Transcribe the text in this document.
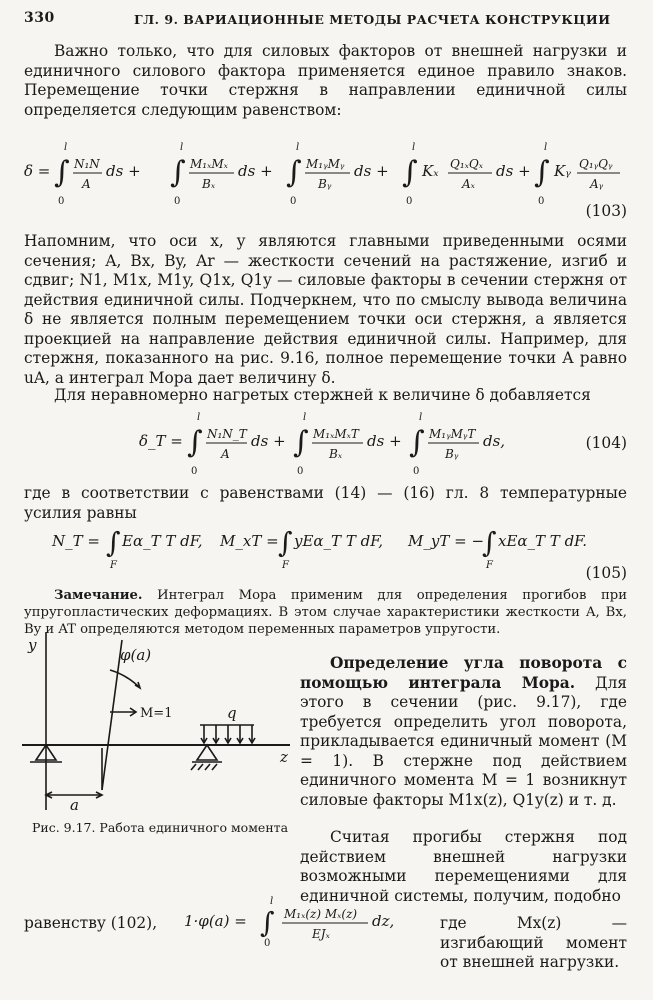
330	ГЛ. 9. ВАРИАЦИОННЫЕ МЕТОДЫ РАСЧЕТА КОНСТРУКЦИИ

Важно только, что для силовых факторов от внешней нагрузки и единичного силового фактора применяется единое правило знаков. Перемещение точки стержня в направлении единичной силы определяется следующим равенством:

δ = ∫
l
0
N₁N
A
ds + ∫
l
0
M₁ₓMₓ
Bₓ
ds + ∫
l
0
M₁ᵧMᵧ
Bᵧ
ds + ∫
l
0
Kₓ Q₁ₓQₓ
Aₓ
ds + ∫
l
0
Kᵧ Q₁ᵧQᵧ
Aᵧ
(103)

Напомним, что оси x, y являются главными приведенными осями сечения; A, Bx, By, Ar — жесткости сечений на растяжение, изгиб и сдвиг; N1, M1x, M1y, Q1x, Q1y — силовые факторы в сечении стержня от действия единичной силы. Подчеркнем, что по смыслу вывода величина δ не является полным перемещением точки оси стержня, а является проекцией на направление действия единичной силы. Например, для стержня, показанного на рис. 9.16, полное перемещение точки A равно uA, а интеграл Мора дает величину δ.

Для неравномерно нагретых стержней к величине δ добавляется

δ_T = ∫
l
0
N₁N_T
A
ds + ∫
l
0
M₁ₓMₓT
Bₓ
ds + ∫
l
0
M₁ᵧMᵧT
Bᵧ
ds,	(104)

где в соответствии с равенствами (14) — (16) гл. 8 температурные усилия равны

N_T = ∫
F
Eα_T T dF, M_xT = ∫
F
yEα_T T dF, M_yT = −
∫
F
xEα_T T dF.
(105)

Замечание. Интеграл Мора применим для определения прогибов при упругопластических деформациях. В этом случае характеристики жесткости A, Bx, By и AT определяются методом переменных параметров упругости.

y
φ(a)
M=1	q
z
a
Рис. 9.17. Работа единичного момента

Определение угла поворота с помощью интеграла Мора. Для этого в сечении (рис. 9.17), где требуется определить угол поворота, прикладывается единичный момент (M = 1). В стержне под действием единичного момента M = 1 возникнут силовые факторы M1x(z), Q1y(z) и т. д.

Считая прогибы стержня под действием внешней нагрузки возможными перемещениями для единичной системы, получим, подобно

равенству (102), 1·φ(a) = ∫
l
0
M₁ₓ(z) Mₓ(z)
EJₓ
dz,	где Mx(z) — изгибающий момент от внешней нагрузки.
